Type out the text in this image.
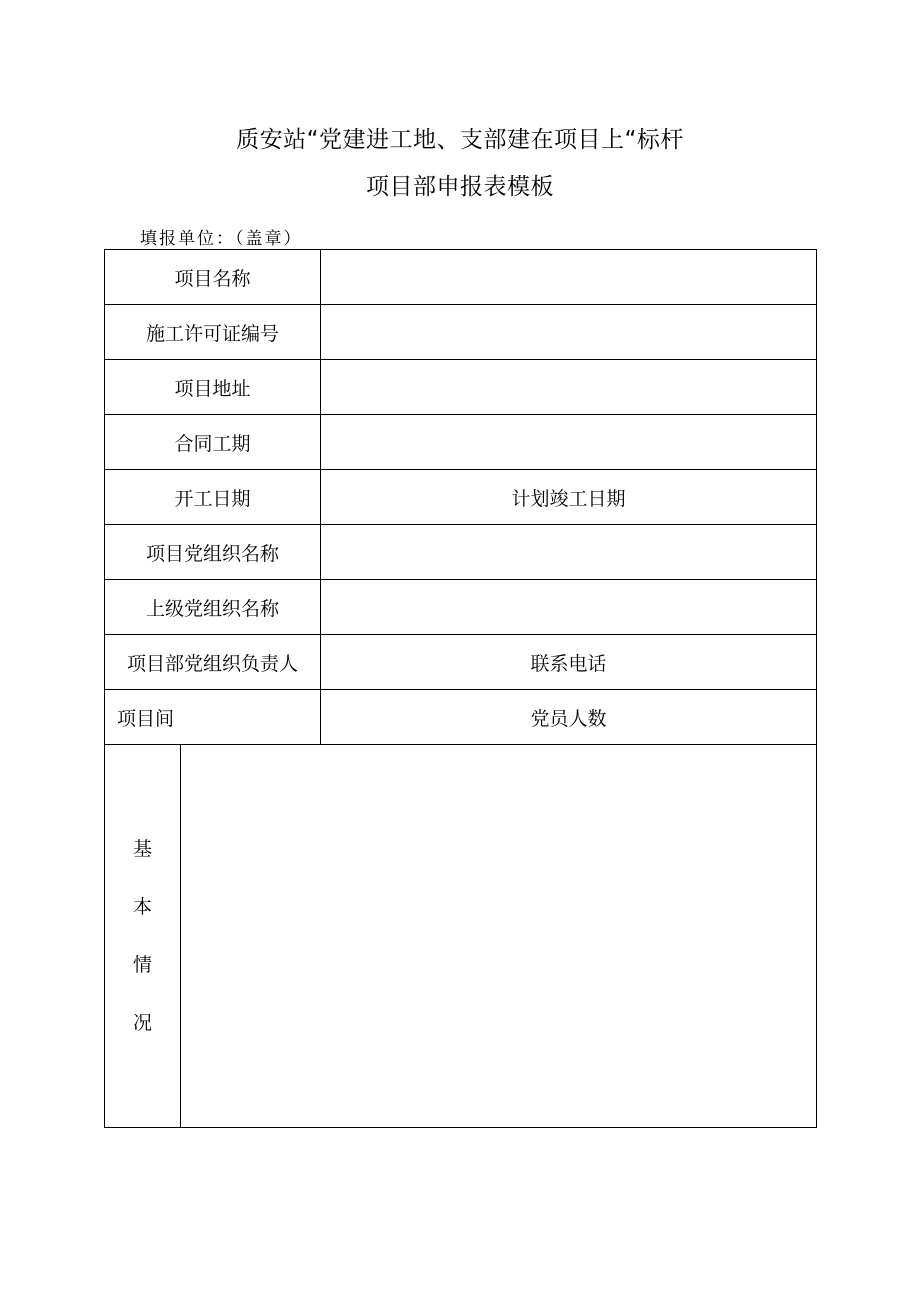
质安站“党建进工地、支部建在项目上“标杆
项目部申报表模板
填报单位：（盖章）
项目名称		
施工许可证编号		
项目地址		
合同工期		
开工日期		计划竣工日期
项目党组织名称		
上级党组织名称		
项目部党组织负责人		联系电话
项目间		党员人数

基
本
情
况		
